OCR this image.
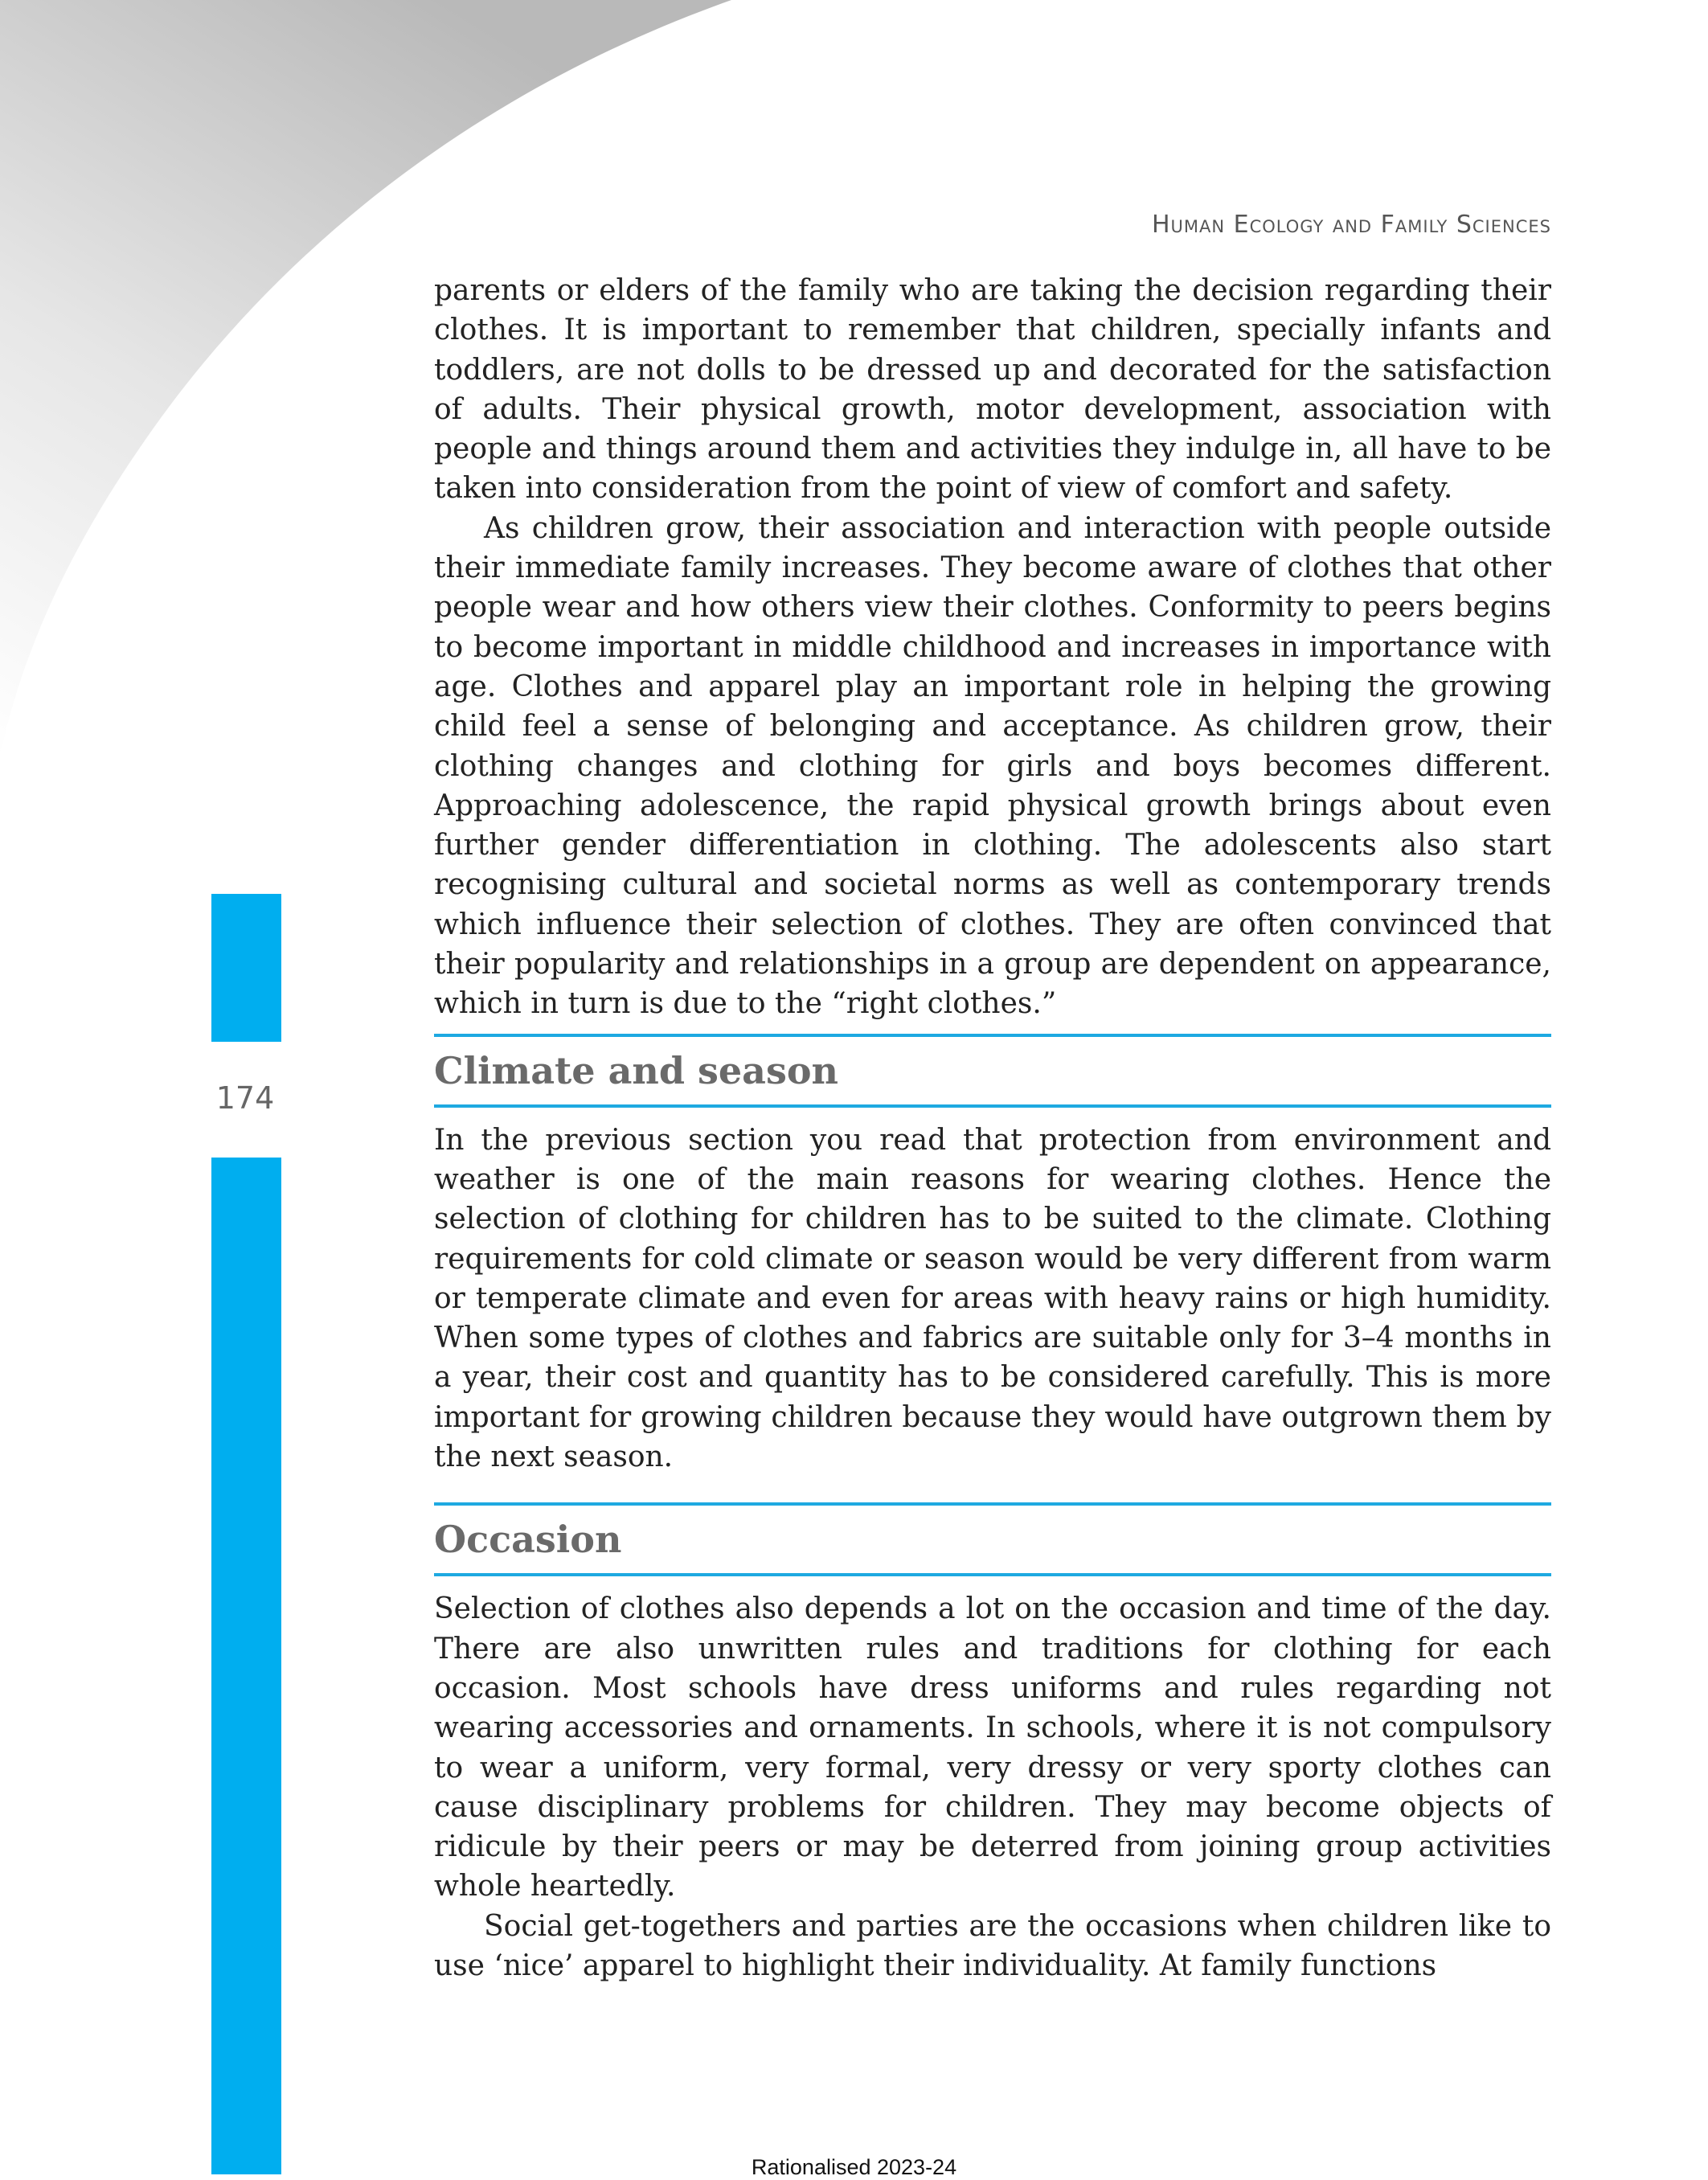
Human Ecology and Family Sciences
174

parents or elders of the family who are taking the decision regarding their clothes. It is important to remember that children, specially infants and toddlers, are not dolls to be dressed up and decorated for the satisfaction of adults. Their physical growth, motor development, association with people and things around them and activities they indulge in, all have to be taken into consideration from the point of view of comfort and safety.

As children grow, their association and interaction with people outside their immediate family increases. They become aware of clothes that other people wear and how others view their clothes. Conformity to peers begins to become important in middle childhood and increases in importance with age. Clothes and apparel play an important role in helping the growing child feel a sense of belonging and acceptance. As children grow, their clothing changes and clothing for girls and boys becomes different. Approaching adolescence, the rapid physical growth brings about even further gender differentiation in clothing. The adolescents also start recognising cultural and societal norms as well as contemporary trends which influence their selection of clothes. They are often convinced that their popularity and relationships in a group are dependent on appearance, which in turn is due to the “right clothes.”

Climate and season

In the previous section you read that protection from environment and weather is one of the main reasons for wearing clothes. Hence the selection of clothing for children has to be suited to the climate. Clothing requirements for cold climate or season would be very different from warm or temperate climate and even for areas with heavy rains or high humidity. When some types of clothes and fabrics are suitable only for 3–4 months in a year, their cost and quantity has to be considered carefully. This is more important for growing children because they would have outgrown them by the next season.

Occasion

Selection of clothes also depends a lot on the occasion and time of the day. There are also unwritten rules and traditions for clothing for each occasion. Most schools have dress uniforms and rules regarding not wearing accessories and ornaments. In schools, where it is not compulsory to wear a uniform, very formal, very dressy or very sporty clothes can cause disciplinary problems for children. They may become objects of ridicule by their peers or may be deterred from joining group activities whole heartedly.

Social get-togethers and parties are the occasions when children like to use ‘nice’ apparel to highlight their individuality. At family functions

Rationalised 2023-24
